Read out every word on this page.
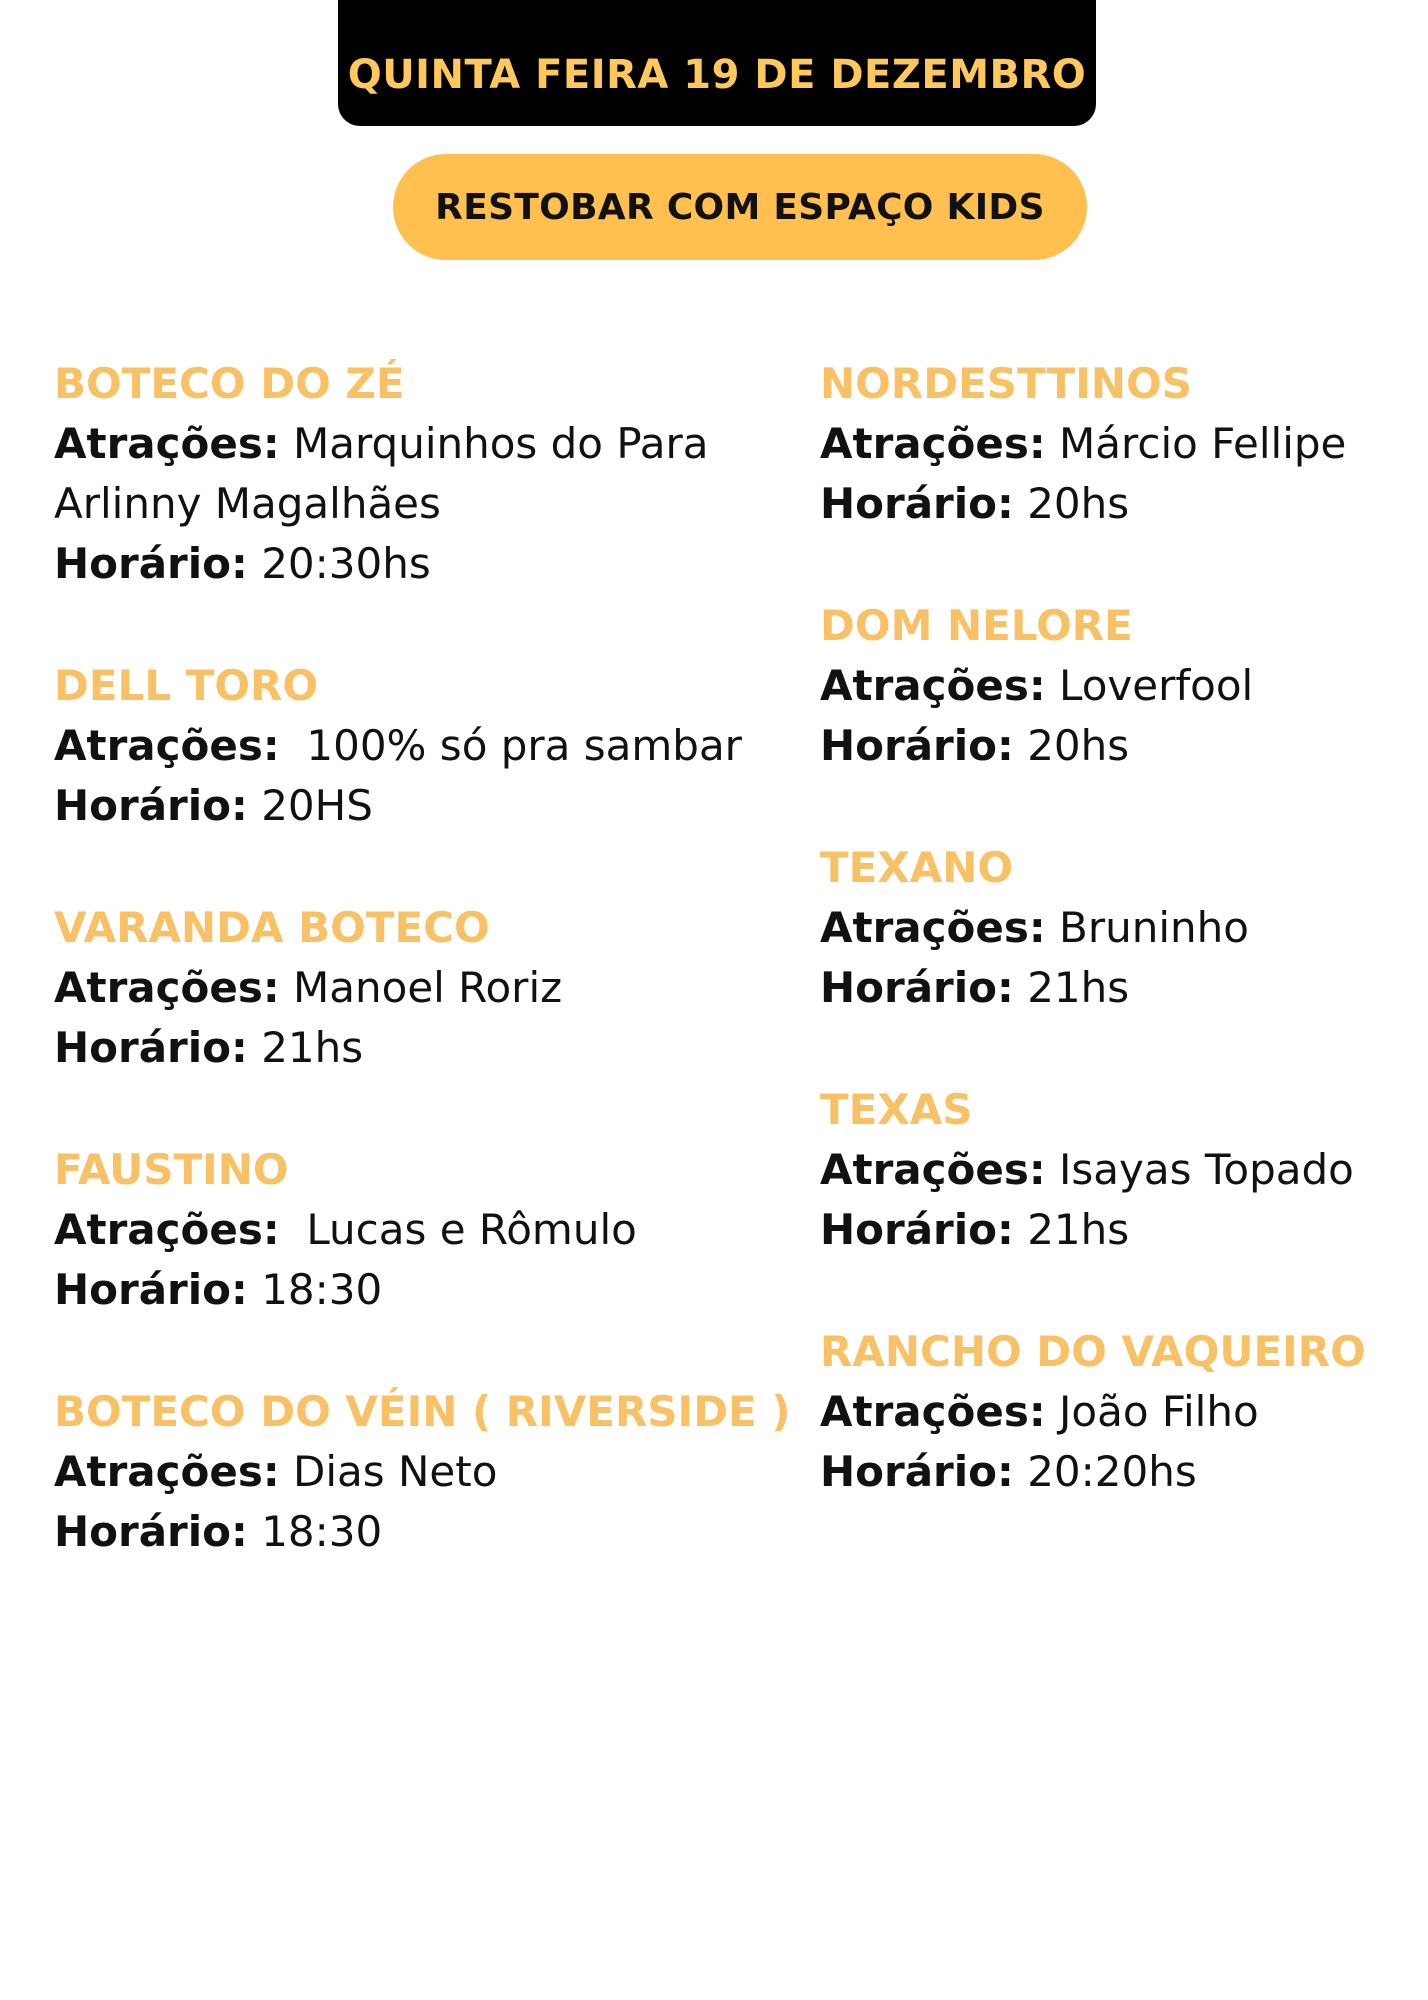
QUINTA FEIRA 19 DE DEZEMBRO
RESTOBAR COM ESPAÇO KIDS
BOTECO DO ZÉ
Atrações: Marquinhos do Para
Arlinny Magalhães
Horário: 20:30hs
DELL TORO
Atrações:  100% só pra sambar
Horário: 20HS
VARANDA BOTECO
Atrações: Manoel Roriz
Horário: 21hs
FAUSTINO
Atrações:  Lucas e Rômulo
Horário: 18:30
BOTECO DO VÉIN ( RIVERSIDE )
Atrações: Dias Neto
Horário: 18:30
NORDESTTINOS
Atrações: Márcio Fellipe
Horário: 20hs
DOM NELORE
Atrações: Loverfool
Horário: 20hs
TEXANO
Atrações: Bruninho
Horário: 21hs
TEXAS
Atrações: Isayas Topado
Horário: 21hs
RANCHO DO VAQUEIRO
Atrações: João Filho
Horário: 20:20hs
